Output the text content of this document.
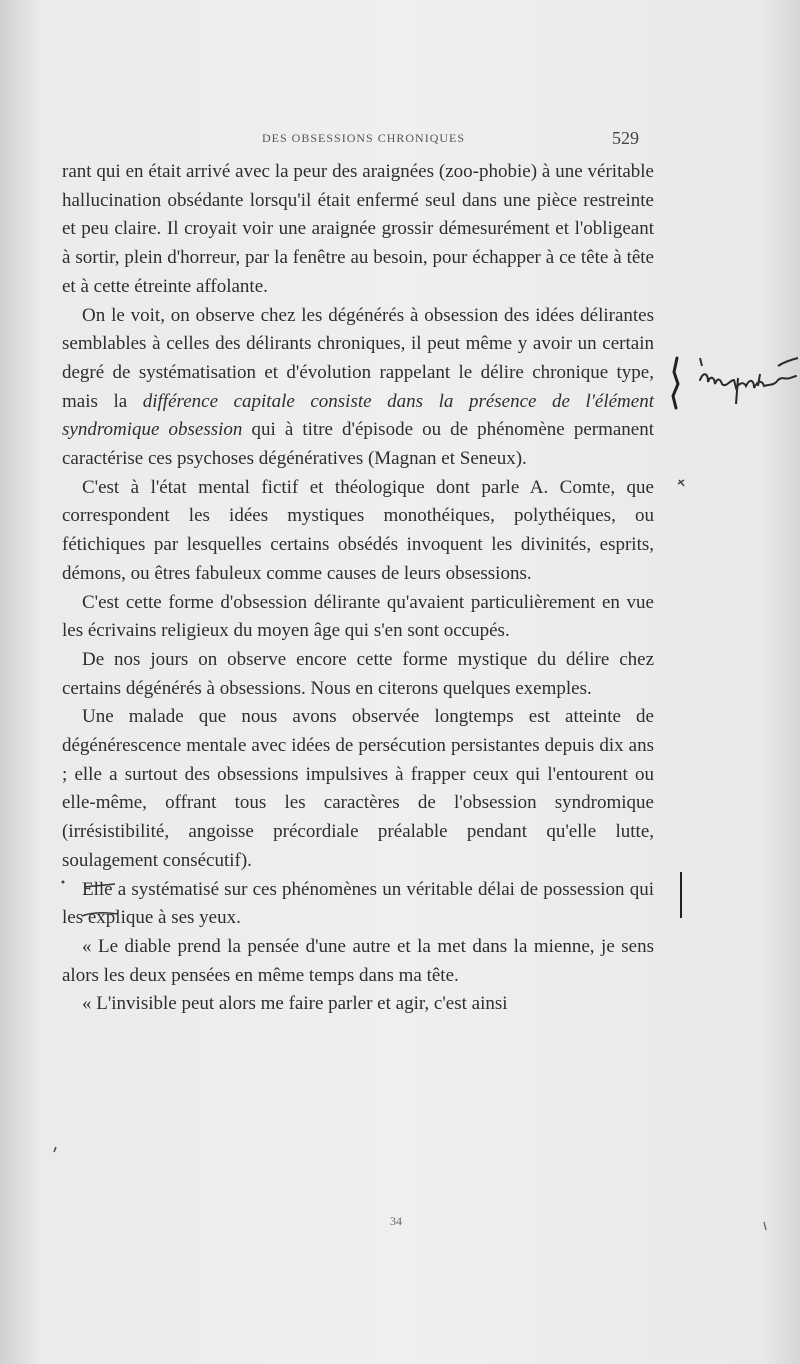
DES OBSESSIONS CHRONIQUES	529

rant qui en était arrivé avec la peur des araignées (zoo-phobie) à une véritable hallucination obsédante lorsqu'il était enfermé seul dans une pièce restreinte et peu claire. Il croyait voir une araignée grossir démesurément et l'obligeant à sortir, plein d'horreur, par la fenêtre au besoin, pour échapper à ce tête à tête et à cette étreinte affolante.

On le voit, on observe chez les dégénérés à obsession des idées délirantes semblables à celles des délirants chroniques, il peut même y avoir un certain degré de systématisation et d'évolution rappelant le délire chronique type, mais la différence capitale consiste dans la présence de l'élément syndromique obsession qui à titre d'épisode ou de phénomène permanent caractérise ces psychoses dégénératives (Magnan et Seneux).

C'est à l'état mental fictif et théologique dont parle A. Comte, que correspondent les idées mystiques monothéiques, polythéiques, ou fétichiques par lesquelles certains obsédés invoquent les divinités, esprits, démons, ou êtres fabuleux comme causes de leurs obsessions.

C'est cette forme d'obsession délirante qu'avaient particulièrement en vue les écrivains religieux du moyen âge qui s'en sont occupés.

De nos jours on observe encore cette forme mystique du délire chez certains dégénérés à obsessions. Nous en citerons quelques exemples.

Une malade que nous avons observée longtemps est atteinte de dégénérescence mentale avec idées de persécution persistantes depuis dix ans ; elle a surtout des obsessions impulsives à frapper ceux qui l'entourent ou elle-même, offrant tous les caractères de l'obsession syndromique (irrésistibilité, angoisse précordiale préalable pendant qu'elle lutte, soulagement consécutif).

Elle a systématisé sur ces phénomènes un véritable délai de possession qui les explique à ses yeux.

« Le diable prend la pensée d'une autre et la met dans la mienne, je sens alors les deux pensées en même temps dans ma tête.

« L'invisible peut alors me faire parler et agir, c'est ainsi

34
